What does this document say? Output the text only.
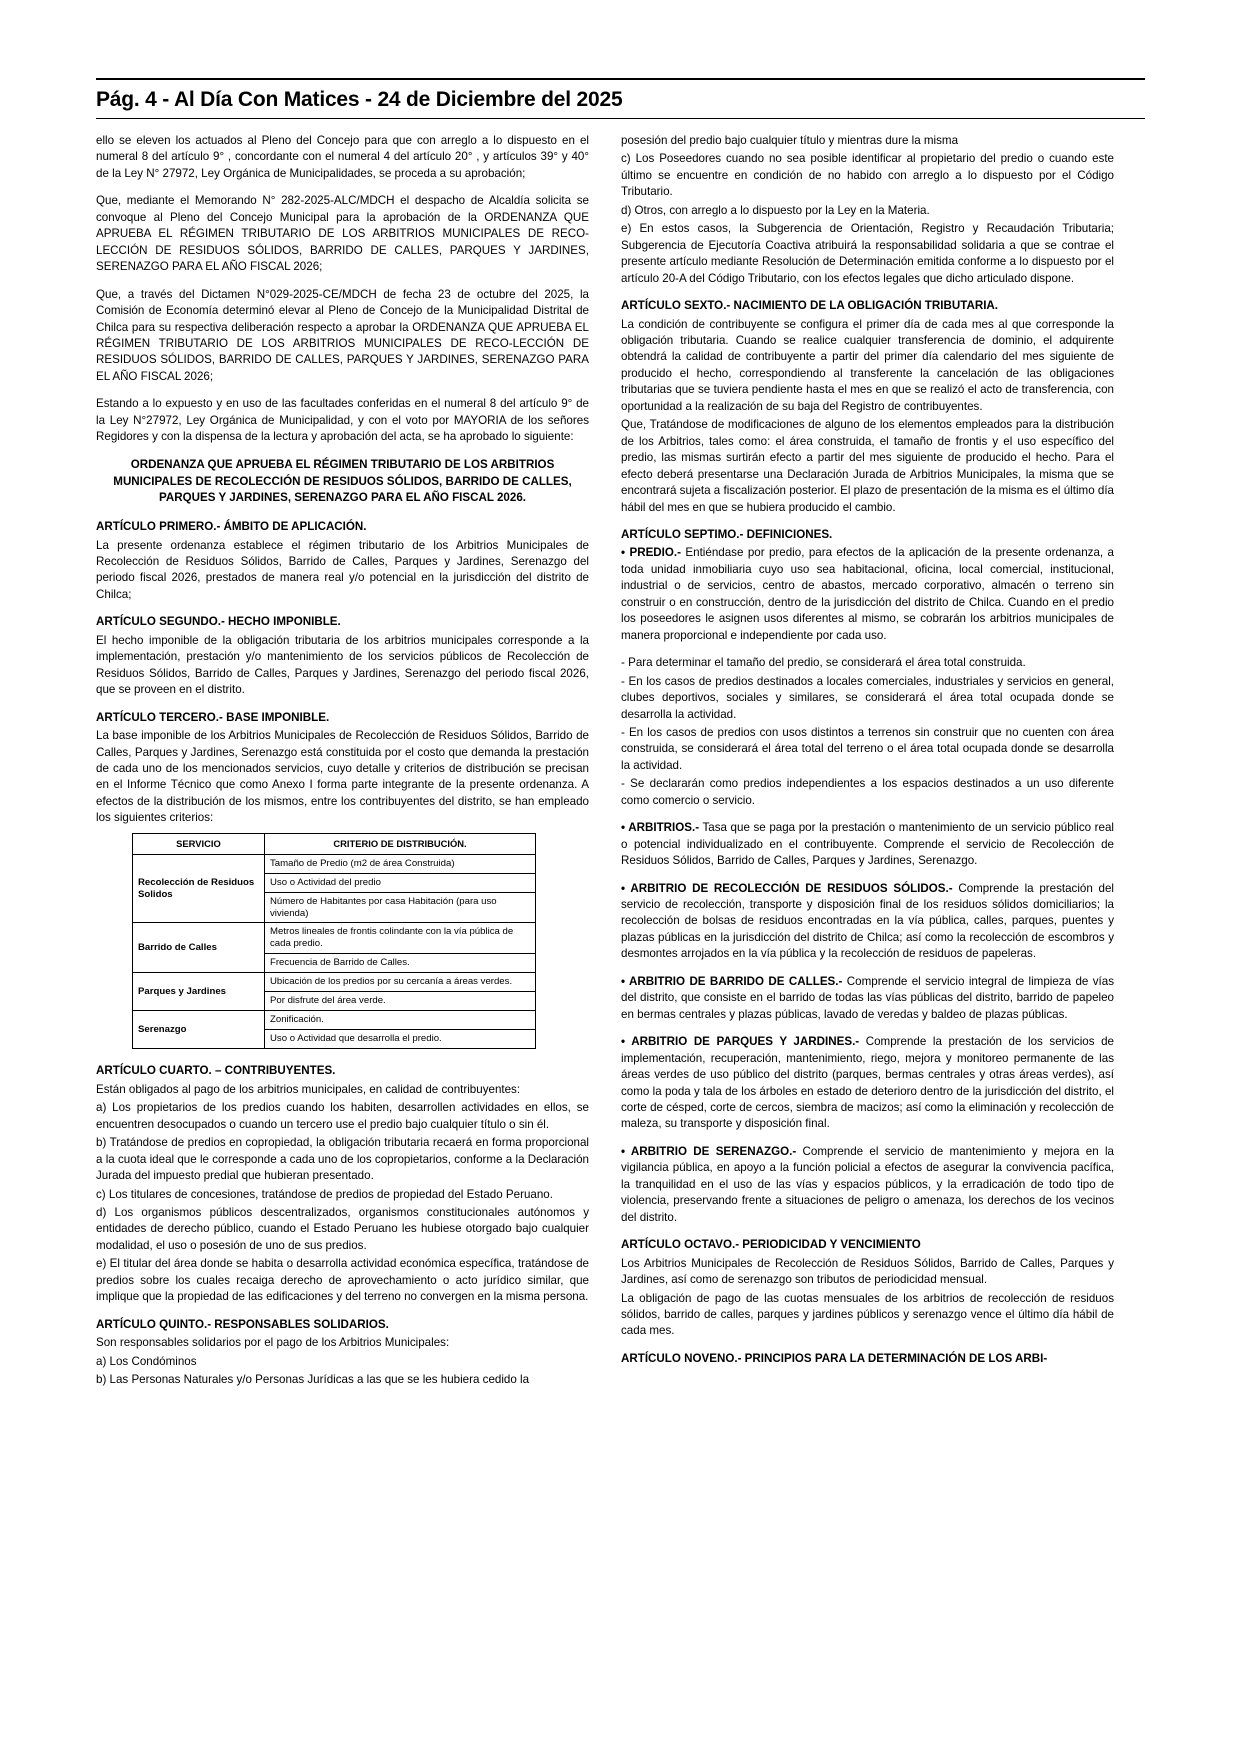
Pág. 4 - Al Día Con Matices - 24 de Diciembre del 2025

ello se eleven los actuados al Pleno del Concejo para que con arreglo a lo dispuesto en el numeral 8 del artículo 9° , concordante con el numeral 4 del artículo 20° , y artículos 39° y 40° de la Ley N° 27972, Ley Orgánica de Municipalidades, se proceda a su aprobación;

Que, mediante el Memorando N° 282-2025-ALC/MDCH el despacho de Alcaldía solicita se convoque al Pleno del Concejo Municipal para la aprobación de la ORDENANZA QUE APRUEBA EL RÉGIMEN TRIBUTARIO DE LOS ARBITRIOS MUNICIPALES DE RECO-LECCIÓN DE RESIDUOS SÓLIDOS, BARRIDO DE CALLES, PARQUES Y JARDINES, SERENAZGO PARA EL AÑO FISCAL 2026;

Que, a través del Dictamen N°029-2025-CE/MDCH de fecha 23 de octubre del 2025, la Comisión de Economía determinó elevar al Pleno de Concejo de la Municipalidad Distrital de Chilca para su respectiva deliberación respecto a aprobar la ORDENANZA QUE APRUEBA EL RÉGIMEN TRIBUTARIO DE LOS ARBITRIOS MUNICIPALES DE RECO-LECCIÓN DE RESIDUOS SÓLIDOS, BARRIDO DE CALLES, PARQUES Y JARDINES, SERENAZGO PARA EL AÑO FISCAL 2026;

Estando a lo expuesto y en uso de las facultades conferidas en el numeral 8 del artículo 9° de la Ley N°27972, Ley Orgánica de Municipalidad, y con el voto por MAYORIA de los señores Regidores y con la dispensa de la lectura y aprobación del acta, se ha aprobado lo siguiente:

ORDENANZA QUE APRUEBA EL RÉGIMEN TRIBUTARIO DE LOS ARBITRIOS MUNICIPALES DE RECOLECCIÓN DE RESIDUOS SÓLIDOS, BARRIDO DE CALLES, PARQUES Y JARDINES, SERENAZGO PARA EL AÑO FISCAL 2026.

ARTÍCULO PRIMERO.- ÁMBITO DE APLICACIÓN.

La presente ordenanza establece el régimen tributario de los Arbitrios Municipales de Recolección de Residuos Sólidos, Barrido de Calles, Parques y Jardines, Serenazgo del periodo fiscal 2026, prestados de manera real y/o potencial en la jurisdicción del distrito de Chilca;

ARTÍCULO SEGUNDO.- HECHO IMPONIBLE.

El hecho imponible de la obligación tributaria de los arbitrios municipales corresponde a la implementación, prestación y/o mantenimiento de los servicios públicos de Recolección de Residuos Sólidos, Barrido de Calles, Parques y Jardines, Serenazgo del periodo fiscal 2026, que se proveen en el distrito.

ARTÍCULO TERCERO.- BASE IMPONIBLE.

La base imponible de los Arbitrios Municipales de Recolección de Residuos Sólidos, Barrido de Calles, Parques y Jardines, Serenazgo está constituida por el costo que demanda la prestación de cada uno de los mencionados servicios, cuyo detalle y criterios de distribución se precisan en el Informe Técnico que como Anexo I forma parte integrante de la presente ordenanza. A efectos de la distribución de los mismos, entre los contribuyentes del distrito, se han empleado los siguientes criterios:

SERVICIO	CRITERIO DE DISTRIBUCIÓN.
Recolección de Residuos Solidos	Tamaño de Predio (m2 de área Construida)
	Uso o Actividad del predio
	Número de Habitantes por casa Habitación (para uso vivienda)
Barrido de Calles	Metros lineales de frontis colindante con la vía pública de cada predio.
	Frecuencia de Barrido de Calles.
Parques y Jardines	Ubicación de los predios por su cercanía a áreas verdes.
	Por disfrute del área verde.
Serenazgo	Zonificación.
	Uso o Actividad que desarrolla el predio.

ARTÍCULO CUARTO. – CONTRIBUYENTES.

Están obligados al pago de los arbitrios municipales, en calidad de contribuyentes:

a) Los propietarios de los predios cuando los habiten, desarrollen actividades en ellos, se encuentren desocupados o cuando un tercero use el predio bajo cualquier título o sin él.

b) Tratándose de predios en copropiedad, la obligación tributaria recaerá en forma proporcional a la cuota ideal que le corresponde a cada uno de los copropietarios, conforme a la Declaración Jurada del impuesto predial que hubieran presentado.

c) Los titulares de concesiones, tratándose de predios de propiedad del Estado Peruano.

d) Los organismos públicos descentralizados, organismos constitucionales autónomos y entidades de derecho público, cuando el Estado Peruano les hubiese otorgado bajo cualquier modalidad, el uso o posesión de uno de sus predios.

e) El titular del área donde se habita o desarrolla actividad económica específica, tratándose de predios sobre los cuales recaiga derecho de aprovechamiento o acto jurídico similar, que implique que la propiedad de las edificaciones y del terreno no convergen en la misma persona.

ARTÍCULO QUINTO.- RESPONSABLES SOLIDARIOS.

Son responsables solidarios por el pago de los Arbitrios Municipales:

a) Los Condóminos

b) Las Personas Naturales y/o Personas Jurídicas a las que se les hubiera cedido la

posesión del predio bajo cualquier título y mientras dure la misma

c) Los Poseedores cuando no sea posible identificar al propietario del predio o cuando este último se encuentre en condición de no habido con arreglo a lo dispuesto por el Código Tributario.

d) Otros, con arreglo a lo dispuesto por la Ley en la Materia.

e) En estos casos, la Subgerencia de Orientación, Registro y Recaudación Tributaria; Subgerencia de Ejecutoría Coactiva atribuirá la responsabilidad solidaria a que se contrae el presente artículo mediante Resolución de Determinación emitida conforme a lo dispuesto por el artículo 20-A del Código Tributario, con los efectos legales que dicho articulado dispone.

ARTÍCULO SEXTO.- NACIMIENTO DE LA OBLIGACIÓN TRIBUTARIA.

La condición de contribuyente se configura el primer día de cada mes al que corresponde la obligación tributaria. Cuando se realice cualquier transferencia de dominio, el adquirente obtendrá la calidad de contribuyente a partir del primer día calendario del mes siguiente de producido el hecho, correspondiendo al transferente la cancelación de las obligaciones tributarias que se tuviera pendiente hasta el mes en que se realizó el acto de transferencia, con oportunidad a la realización de su baja del Registro de contribuyentes.

Que, Tratándose de modificaciones de alguno de los elementos empleados para la distribución de los Arbitrios, tales como: el área construida, el tamaño de frontis y el uso específico del predio, las mismas surtirán efecto a partir del mes siguiente de producido el hecho. Para el efecto deberá presentarse una Declaración Jurada de Arbitrios Municipales, la misma que se encontrará sujeta a fiscalización posterior. El plazo de presentación de la misma es el último día hábil del mes en que se hubiera producido el cambio.

ARTÍCULO SEPTIMO.- DEFINICIONES.

• PREDIO.- Entiéndase por predio, para efectos de la aplicación de la presente ordenanza, a toda unidad inmobiliaria cuyo uso sea habitacional, oficina, local comercial, institucional, industrial o de servicios, centro de abastos, mercado corporativo, almacén o terreno sin construir o en construcción, dentro de la jurisdicción del distrito de Chilca. Cuando en el predio los poseedores le asignen usos diferentes al mismo, se cobrarán los arbitrios municipales de manera proporcional e independiente por cada uso.

- Para determinar el tamaño del predio, se considerará el área total construida.

- En los casos de predios destinados a locales comerciales, industriales y servicios en general, clubes deportivos, sociales y similares, se considerará el área total ocupada donde se desarrolla la actividad.

- En los casos de predios con usos distintos a terrenos sin construir que no cuenten con área construida, se considerará el área total del terreno o el área total ocupada donde se desarrolla la actividad.

- Se declararán como predios independientes a los espacios destinados a un uso diferente como comercio o servicio.

• ARBITRIOS.- Tasa que se paga por la prestación o mantenimiento de un servicio público real o potencial individualizado en el contribuyente. Comprende el servicio de Recolección de Residuos Sólidos, Barrido de Calles, Parques y Jardines, Serenazgo.

• ARBITRIO DE RECOLECCIÓN DE RESIDUOS SÓLIDOS.- Comprende la prestación del servicio de recolección, transporte y disposición final de los residuos sólidos domiciliarios; la recolección de bolsas de residuos encontradas en la vía pública, calles, parques, puentes y plazas públicas en la jurisdicción del distrito de Chilca; así como la recolección de escombros y desmontes arrojados en la vía pública y la recolección de residuos de papeleras.

• ARBITRIO DE BARRIDO DE CALLES.- Comprende el servicio integral de limpieza de vías del distrito, que consiste en el barrido de todas las vías públicas del distrito, barrido de papeleo en bermas centrales y plazas públicas, lavado de veredas y baldeo de plazas públicas.

• ARBITRIO DE PARQUES Y JARDINES.- Comprende la prestación de los servicios de implementación, recuperación, mantenimiento, riego, mejora y monitoreo permanente de las áreas verdes de uso público del distrito (parques, bermas centrales y otras áreas verdes), así como la poda y tala de los árboles en estado de deterioro dentro de la jurisdicción del distrito, el corte de césped, corte de cercos, siembra de macizos; así como la eliminación y recolección de maleza, su transporte y disposición final.

• ARBITRIO DE SERENAZGO.- Comprende el servicio de mantenimiento y mejora en la vigilancia pública, en apoyo a la función policial a efectos de asegurar la convivencia pacífica, la tranquilidad en el uso de las vías y espacios públicos, y la erradicación de todo tipo de violencia, preservando frente a situaciones de peligro o amenaza, los derechos de los vecinos del distrito.

ARTÍCULO OCTAVO.- PERIODICIDAD Y VENCIMIENTO

Los Arbitrios Municipales de Recolección de Residuos Sólidos, Barrido de Calles, Parques y Jardines, así como de serenazgo son tributos de periodicidad mensual.

La obligación de pago de las cuotas mensuales de los arbitrios de recolección de residuos sólidos, barrido de calles, parques y jardines públicos y serenazgo vence el último día hábil de cada mes.

ARTÍCULO NOVENO.- PRINCIPIOS PARA LA DETERMINACIÓN DE LOS ARBI-
